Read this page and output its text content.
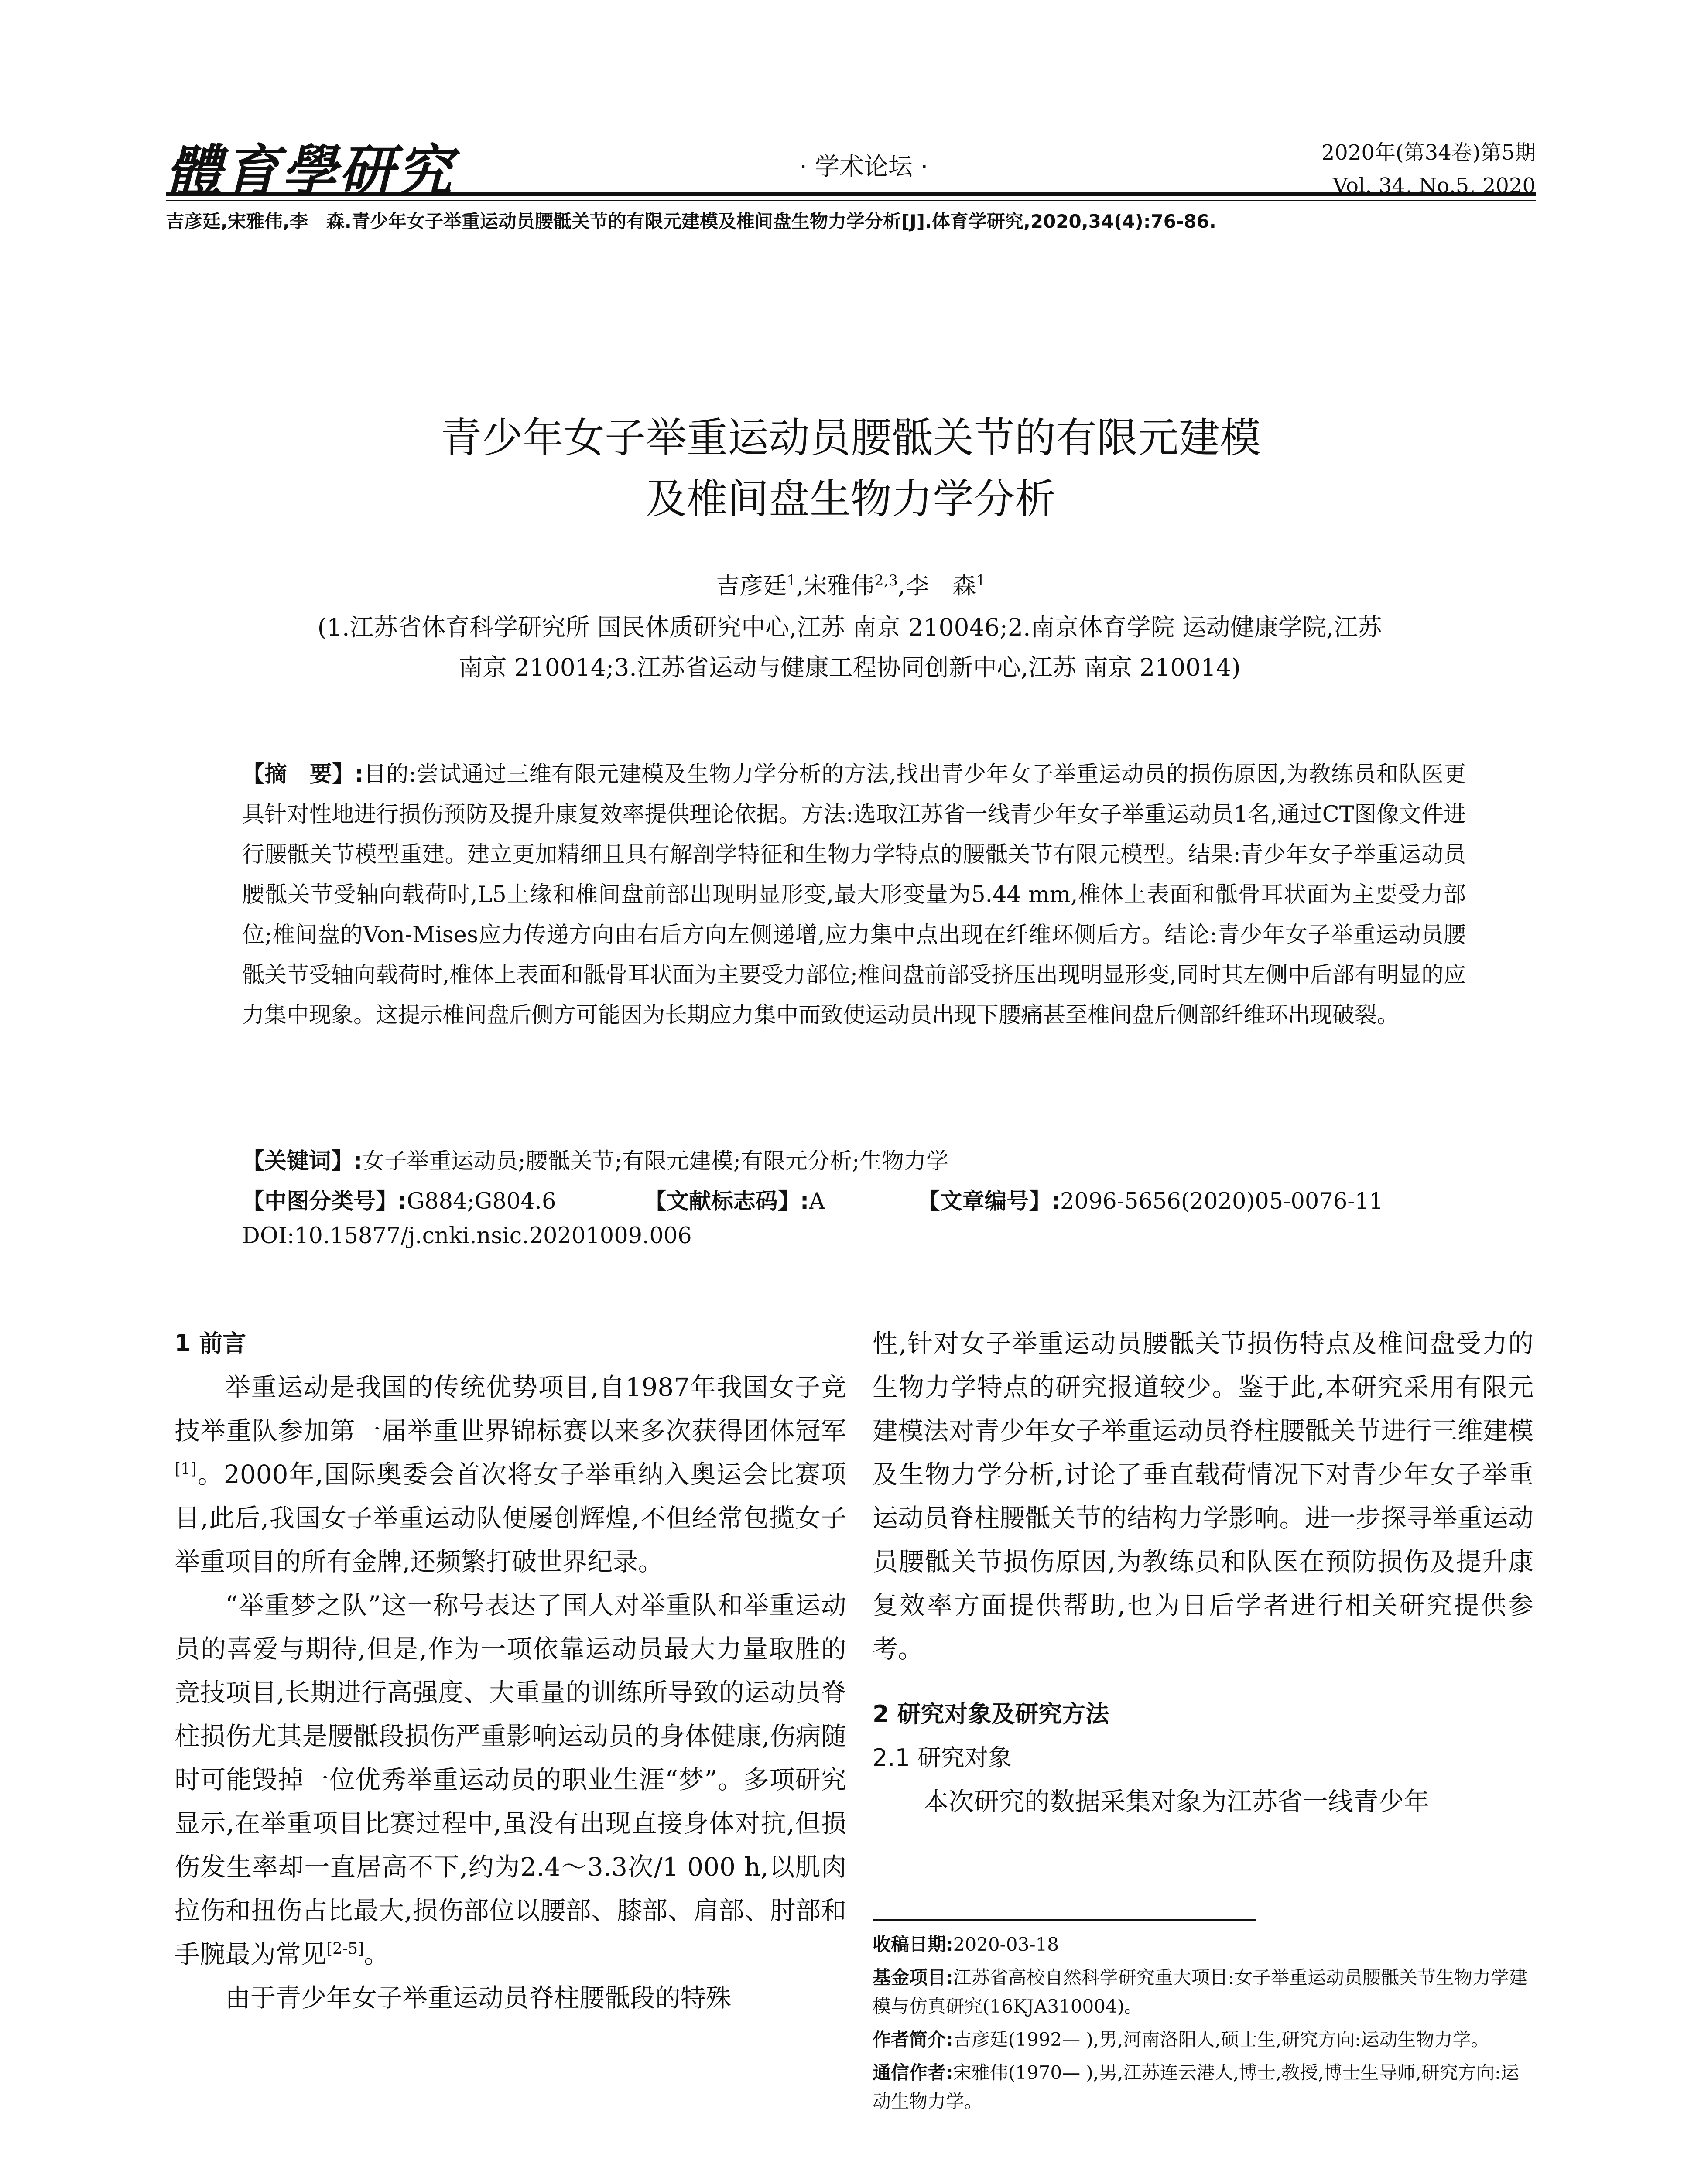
體育學研究	· 学术论坛 ·	2020年(第34卷)第5期
Vol. 34, No.5, 2020
吉彦廷,宋雅伟,李　森.青少年女子举重运动员腰骶关节的有限元建模及椎间盘生物力学分析[J].体育学研究,2020,34(4):76-86.
青少年女子举重运动员腰骶关节的有限元建模
及椎间盘生物力学分析
吉彦廷$^1$,宋雅伟$^{2,3}$,李　森$^1$
(1.江苏省体育科学研究所 国民体质研究中心,江苏 南京 210046;2.南京体育学院 运动健康学院,江苏
南京 210014;3.江苏省运动与健康工程协同创新中心,江苏 南京 210014)
【摘　要】:目的:尝试通过三维有限元建模及生物力学分析的方法,找出青少年女子举重运动员的损伤原因,为教练员和队医更具针对性地进行损伤预防及提升康复效率提供理论依据。方法:选取江苏省一线青少年女子举重运动员1名,通过CT图像文件进行腰骶关节模型重建。建立更加精细且具有解剖学特征和生物力学特点的腰骶关节有限元模型。结果:青少年女子举重运动员腰骶关节受轴向载荷时,L5上缘和椎间盘前部出现明显形变,最大形变量为5.44 mm,椎体上表面和骶骨耳状面为主要受力部位;椎间盘的Von-Mises应力传递方向由右后方向左侧递增,应力集中点出现在纤维环侧后方。结论:青少年女子举重运动员腰骶关节受轴向载荷时,椎体上表面和骶骨耳状面为主要受力部位;椎间盘前部受挤压出现明显形变,同时其左侧中后部有明显的应力集中现象。这提示椎间盘后侧方可能因为长期应力集中而致使运动员出现下腰痛甚至椎间盘后侧部纤维环出现破裂。
【关键词】:女子举重运动员;腰骶关节;有限元建模;有限元分析;生物力学
【中图分类号】:G884;G804.6	【文献标志码】:A	【文章编号】:2096-5656(2020)05-0076-11
DOI:10.15877/j.cnki.nsic.20201009.006

1 前言

举重运动是我国的传统优势项目,自1987年我国女子竞技举重队参加第一届举重世界锦标赛以来多次获得团体冠军[1]。2000年,国际奥委会首次将女子举重纳入奥运会比赛项目,此后,我国女子举重运动队便屡创辉煌,不但经常包揽女子举重项目的所有金牌,还频繁打破世界纪录。

“举重梦之队”这一称号表达了国人对举重队和举重运动员的喜爱与期待,但是,作为一项依靠运动员最大力量取胜的竞技项目,长期进行高强度、大重量的训练所导致的运动员脊柱损伤尤其是腰骶段损伤严重影响运动员的身体健康,伤病随时可能毁掉一位优秀举重运动员的职业生涯“梦”。多项研究显示,在举重项目比赛过程中,虽没有出现直接身体对抗,但损伤发生率却一直居高不下,约为2.4～3.3次/1 000 h,以肌肉拉伤和扭伤占比最大,损伤部位以腰部、膝部、肩部、肘部和手腕最为常见[2-5]。

由于青少年女子举重运动员脊柱腰骶段的特殊

性,针对女子举重运动员腰骶关节损伤特点及椎间盘受力的生物力学特点的研究报道较少。鉴于此,本研究采用有限元建模法对青少年女子举重运动员脊柱腰骶关节进行三维建模及生物力学分析,讨论了垂直载荷情况下对青少年女子举重运动员脊柱腰骶关节的结构力学影响。进一步探寻举重运动员腰骶关节损伤原因,为教练员和队医在预防损伤及提升康复效率方面提供帮助,也为日后学者进行相关研究提供参考。

2 研究对象及研究方法

2.1 研究对象

本次研究的数据采集对象为江苏省一线青少年

收稿日期:2020-03-18

基金项目:江苏省高校自然科学研究重大项目:女子举重运动员腰骶关节生物力学建模与仿真研究(16KJA310004)。

作者简介:吉彦廷(1992— ),男,河南洛阳人,硕士生,研究方向:运动生物力学。

通信作者:宋雅伟(1970— ),男,江苏连云港人,博士,教授,博士生导师,研究方向:运动生物力学。
